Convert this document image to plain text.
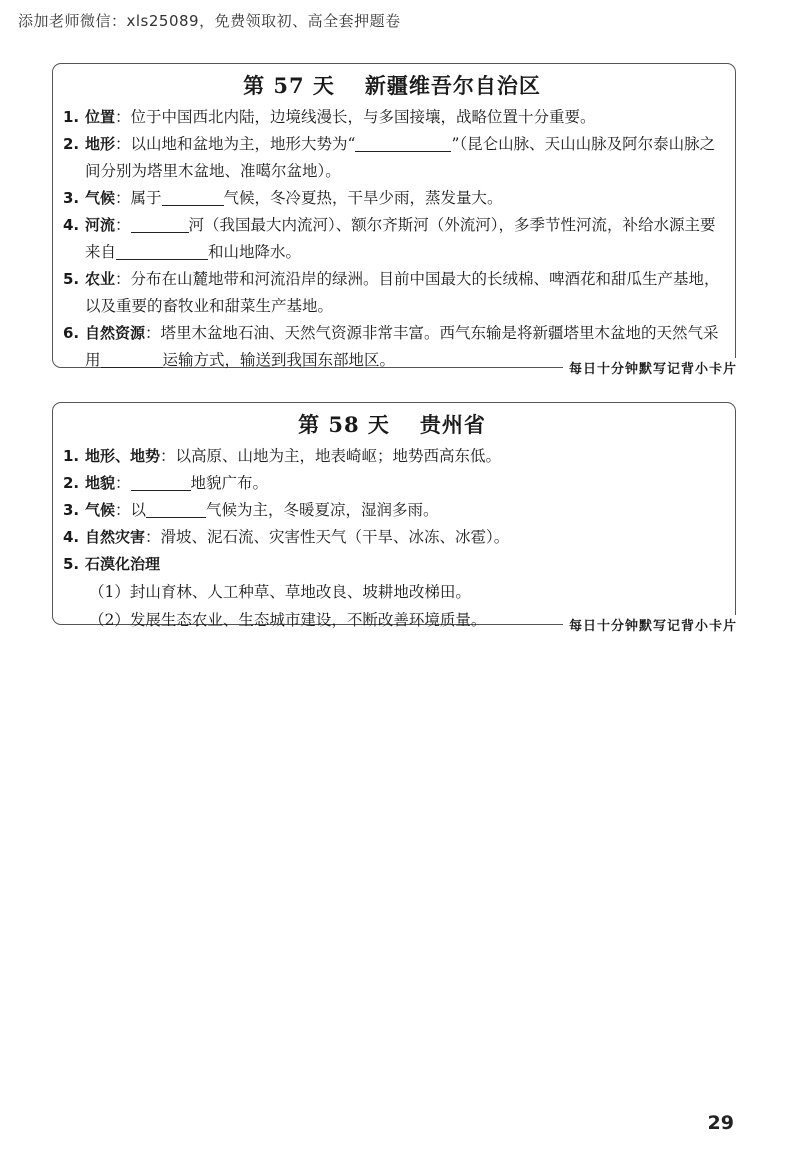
添加老师微信：xls25089，免费领取初、高全套押题卷
第 57 天 新疆维吾尔自治区
1. 位置：位于中国西北内陆，边境线漫长，与多国接壤，战略位置十分重要。
2. 地形：以山地和盆地为主，地形大势为“	”（昆仑山脉、天山山脉及阿尔泰山脉之间分别为塔里木盆地、准噶尔盆地）。
3. 气候：属于	气候，冬冷夏热，干旱少雨，蒸发量大。
4. 河流：	河（我国最大内流河）、额尔齐斯河（外流河），多季节性河流，补给水源主要来自	和山地降水。
5. 农业：分布在山麓地带和河流沿岸的绿洲。目前中国最大的长绒棉、啤酒花和甜瓜生产基地，以及重要的畜牧业和甜菜生产基地。
6. 自然资源：塔里木盆地石油、天然气资源非常丰富。西气东输是将新疆塔里木盆地的天然气采用	运输方式，输送到我国东部地区。
每日十分钟默写记背小卡片
第 58 天 贵州省
1. 地形、地势：以高原、山地为主，地表崎岖；地势西高东低。
2. 地貌：	地貌广布。
3. 气候：以	气候为主，冬暖夏凉，湿润多雨。
4. 自然灾害：滑坡、泥石流、灾害性天气（干旱、冰冻、冰雹）。
5. 石漠化治理
（1）封山育林、人工种草、草地改良、坡耕地改梯田。
（2）发展生态农业、生态城市建设，不断改善环境质量。	每日十分钟默写记背小卡片
29
